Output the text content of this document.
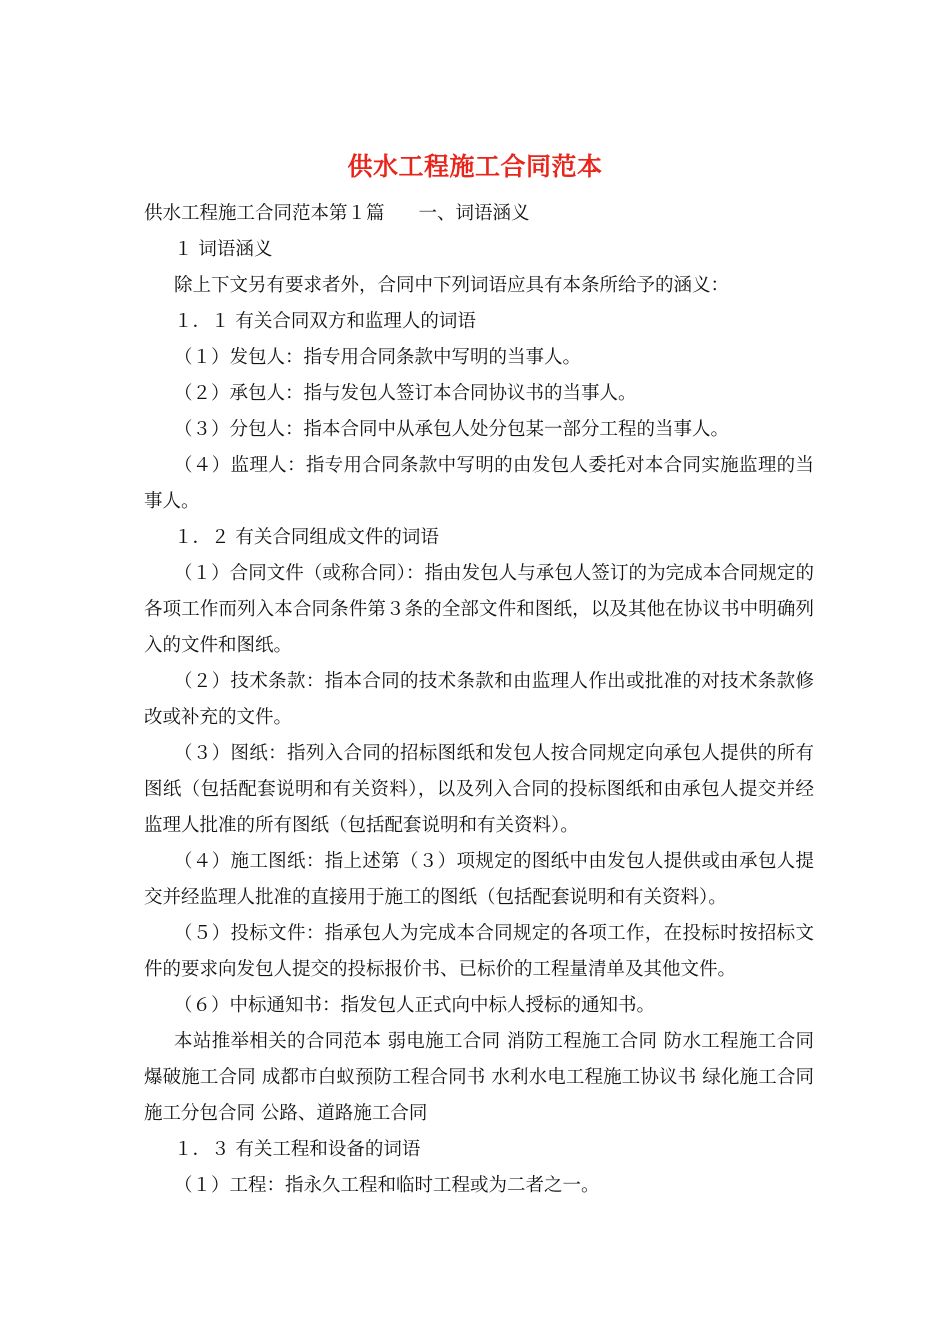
供水工程施工合同范本

供水工程施工合同范本第１篇 一、词语涵义

１ 词语涵义

除上下文另有要求者外，合同中下列词语应具有本条所给予的涵义：

１．１ 有关合同双方和监理人的词语

（１）发包人：指专用合同条款中写明的当事人。

（２）承包人：指与发包人签订本合同协议书的当事人。

（３）分包人：指本合同中从承包人处分包某一部分工程的当事人。

（４）监理人：指专用合同条款中写明的由发包人委托对本合同实施监理的当事人。

１．２ 有关合同组成文件的词语

（１）合同文件（或称合同）：指由发包人与承包人签订的为完成本合同规定的各项工作而列入本合同条件第３条的全部文件和图纸，以及其他在协议书中明确列入的文件和图纸。

（２）技术条款：指本合同的技术条款和由监理人作出或批准的对技术条款修改或补充的文件。

（３）图纸：指列入合同的招标图纸和发包人按合同规定向承包人提供的所有图纸（包括配套说明和有关资料），以及列入合同的投标图纸和由承包人提交并经监理人批准的所有图纸（包括配套说明和有关资料）。

（４）施工图纸：指上述第（３）项规定的图纸中由发包人提供或由承包人提交并经监理人批准的直接用于施工的图纸（包括配套说明和有关资料）。

（５）投标文件：指承包人为完成本合同规定的各项工作，在投标时按招标文件的要求向发包人提交的投标报价书、已标价的工程量清单及其他文件。

（６）中标通知书：指发包人正式向中标人授标的通知书。

本站推举相关的合同范本 弱电施工合同 消防工程施工合同 防水工程施工合同 爆破施工合同 成都市白蚁预防工程合同书 水利水电工程施工协议书 绿化施工合同 施工分包合同 公路、道路施工合同

１．３ 有关工程和设备的词语

（１）工程：指永久工程和临时工程或为二者之一。
